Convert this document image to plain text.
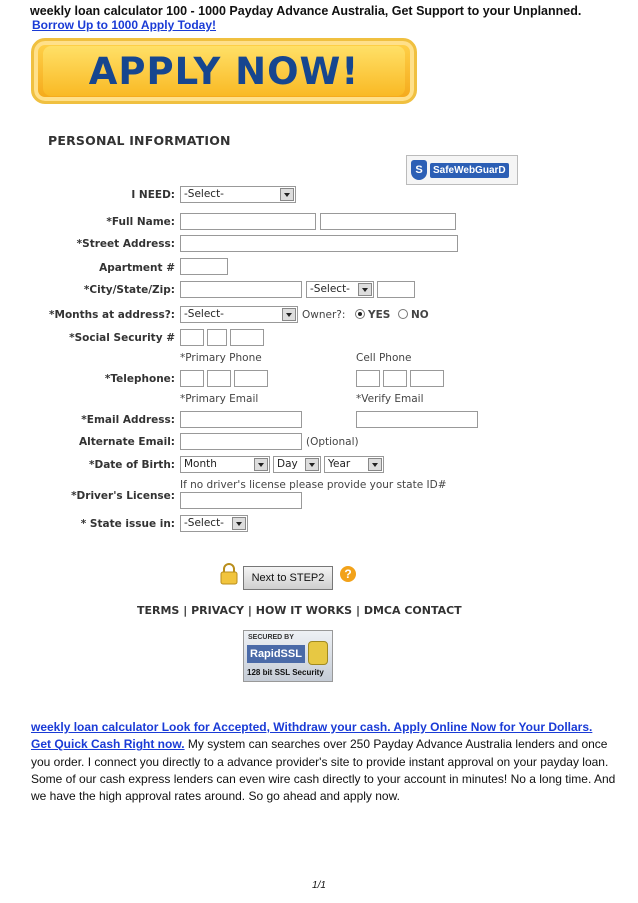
weekly loan calculator 100 - 1000 Payday Advance Australia, Get Support to your Unplanned.
Borrow Up to 1000 Apply Today!
APPLY NOW!
PERSONAL INFORMATION
S	SafeWebGuarD
I NEED: -Select-
*Full Name:
*Street Address:
Apartment #
*City/State/Zip:	-Select-
*Months at address?: -Select-	Owner?: YES NO
*Social Security #
*Primary Phone	Cell Phone
*Telephone:
*Primary Email	*Verify Email
*Email Address:
Alternate Email:	(Optional)
*Date of Birth: Month	Day	Year
If no driver's license please provide your state ID#
*Driver's License:
* State issue in: -Select-
Next to STEP2	?
TERMS | PRIVACY | HOW IT WORKS | DMCA CONTACT
SECURED BY
RapidSSL
128 bit SSL Security
weekly loan calculator Look for Accepted, Withdraw your cash. Apply Online Now for Your Dollars.
Get Quick Cash Right now. My system can searches over 250 Payday Advance Australia lenders and once you order. I connect you directly to a advance provider's site to provide instant approval on your payday loan. Some of our cash express lenders can even wire cash directly to your account in minutes! No a long time. And we have the high approval rates around. So go ahead and apply now.
1/1
